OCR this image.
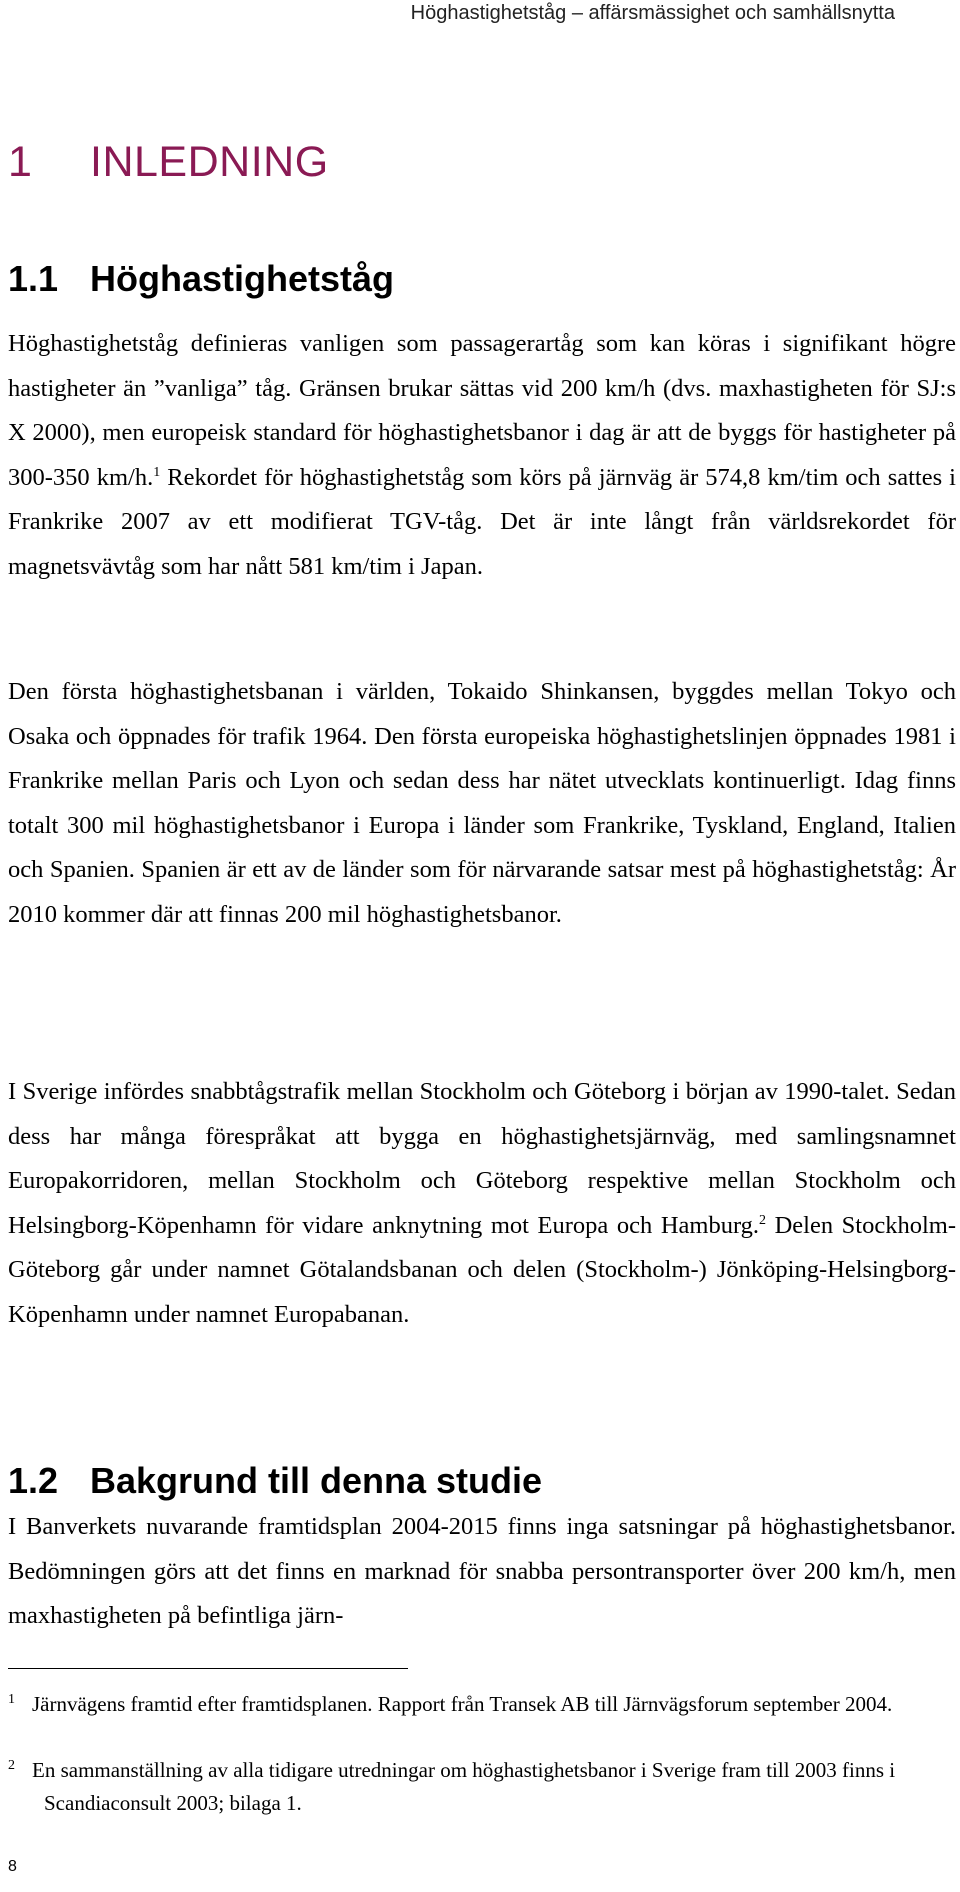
Höghastighetståg – affärsmässighet och samhällsnytta
1 INLEDNING
1.1 Höghastighetståg

Höghastighetståg definieras vanligen som passagerartåg som kan köras i signifikant högre hastigheter än ”vanliga” tåg. Gränsen brukar sättas vid 200 km/h (dvs. maxhastigheten för SJ:s X 2000), men europeisk standard för höghastighetsbanor i dag är att de byggs för hastigheter på 300-350 km/h.$^1$ Rekordet för höghastighetståg som körs på järnväg är 574,8 km/tim och sattes i Frankrike 2007 av ett modifierat TGV-tåg. Det är inte långt från världsrekordet för magnetsvävtåg som har nått 581 km/tim i Japan.

Den första höghastighetsbanan i världen, Tokaido Shinkansen, byggdes mellan Tokyo och Osaka och öppnades för trafik 1964. Den första europeiska höghastighetslinjen öppnades 1981 i Frankrike mellan Paris och Lyon och sedan dess har nätet utvecklats kontinuerligt. Idag finns totalt 300 mil höghastighetsbanor i Europa i länder som Frankrike, Tyskland, England, Italien och Spanien. Spanien är ett av de länder som för närvarande satsar mest på höghastighetståg: År 2010 kommer där att finnas 200 mil höghastighetsbanor.

I Sverige infördes snabbtågstrafik mellan Stockholm och Göteborg i början av 1990-talet. Sedan dess har många förespråkat att bygga en höghastighetsjärnväg, med samlingsnamnet Europakorridoren, mellan Stockholm och Göteborg respektive mellan Stockholm och Helsingborg-Köpenhamn för vidare anknytning mot Europa och Hamburg.$^2$ Delen Stockholm-Göteborg går under namnet Götalandsbanan och delen (Stockholm-) Jönköping-Helsingborg-Köpenhamn under namnet Europabanan.

1.2 Bakgrund till denna studie

I Banverkets nuvarande framtidsplan 2004-2015 finns inga satsningar på höghastighetsbanor. Bedömningen görs att det finns en marknad för snabba persontransporter över 200 km/h, men maxhastigheten på befintliga järn-

1 Järnvägens framtid efter framtidsplanen. Rapport från Transek AB till Järnvägsforum september 2004.

2 En sammanställning av alla tidigare utredningar om höghastighetsbanor i Sverige fram till 2003 finns i Scandiaconsult 2003; bilaga 1.

8
